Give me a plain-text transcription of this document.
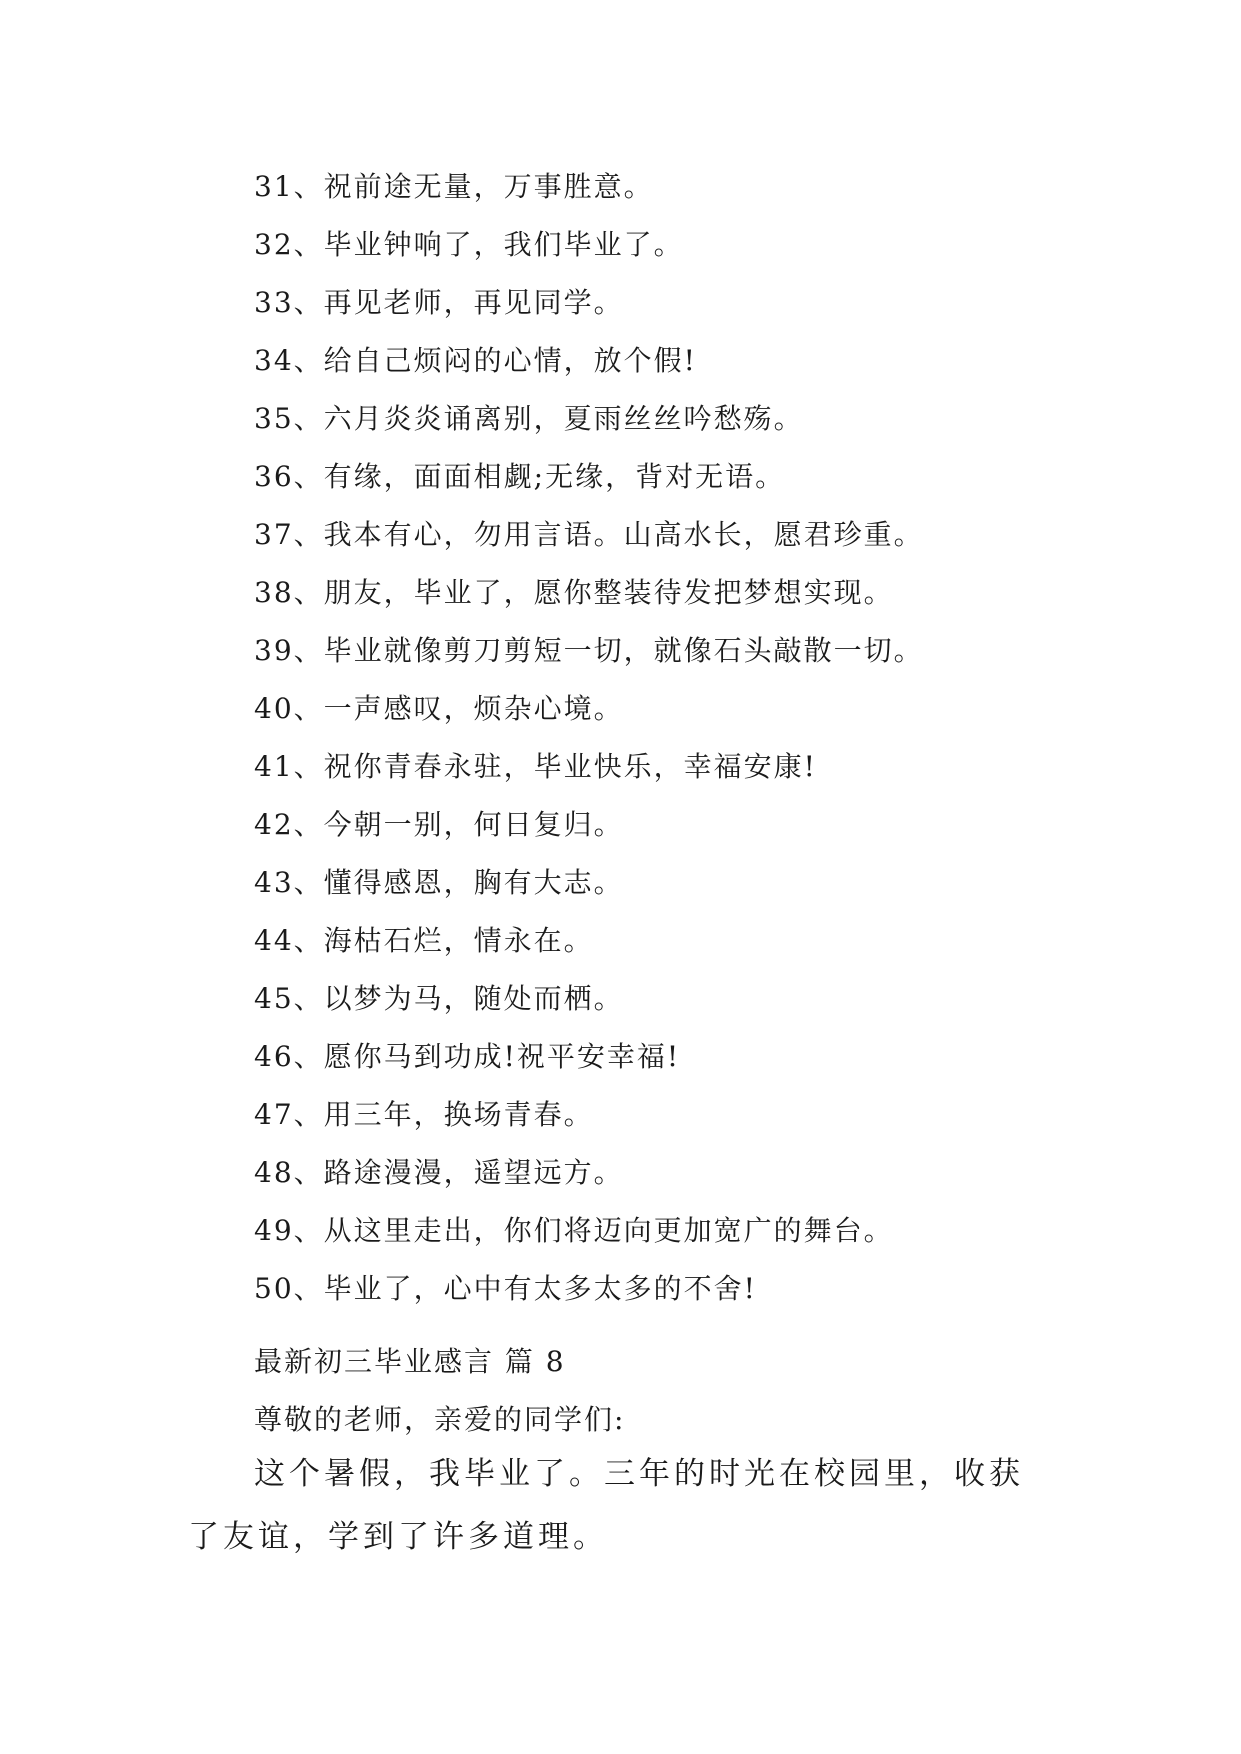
31、祝前途无量，万事胜意。
32、毕业钟响了，我们毕业了。
33、再见老师，再见同学。
34、给自己烦闷的心情，放个假!
35、六月炎炎诵离别，夏雨丝丝吟愁殇。
36、有缘，面面相觑;无缘，背对无语。
37、我本有心，勿用言语。山高水长，愿君珍重。
38、朋友，毕业了，愿你整装待发把梦想实现。
39、毕业就像剪刀剪短一切，就像石头敲散一切。
40、一声感叹，烦杂心境。
41、祝你青春永驻，毕业快乐，幸福安康!
42、今朝一别，何日复归。
43、懂得感恩，胸有大志。
44、海枯石烂，情永在。
45、以梦为马，随处而栖。
46、愿你马到功成!祝平安幸福!
47、用三年，换场青春。
48、路途漫漫，遥望远方。
49、从这里走出，你们将迈向更加宽广的舞台。
50、毕业了，心中有太多太多的不舍!
最新初三毕业感言 篇 8

尊敬的老师，亲爱的同学们:

这个暑假，我毕业了。三年的时光在校园里，收获了友谊，学到了许多道理。
